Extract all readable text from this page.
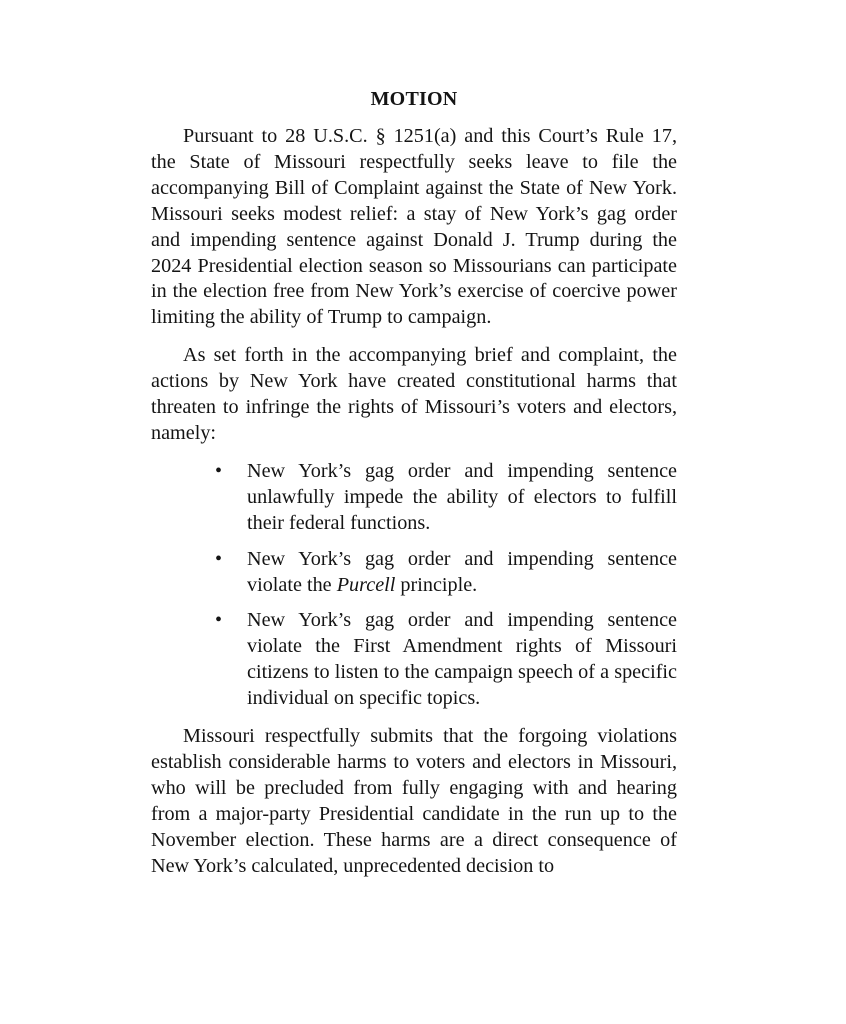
MOTION

Pursuant to 28 U.S.C. § 1251(a) and this Court’s Rule 17, the State of Missouri respectfully seeks leave to file the accompanying Bill of Complaint against the State of New York. Missouri seeks modest relief: a stay of New York’s gag order and impending sentence against Donald J. Trump during the 2024 Presidential election season so Missourians can participate in the election free from New York’s exercise of coercive power limiting the ability of Trump to campaign.

As set forth in the accompanying brief and complaint, the actions by New York have created constitutional harms that threaten to infringe the rights of Missouri’s voters and electors, namely:

• New York’s gag order and impending sentence unlawfully impede the ability of electors to fulfill their federal functions.
• New York’s gag order and impending sentence violate the Purcell principle.
• New York’s gag order and impending sentence violate the First Amendment rights of Missouri citizens to listen to the campaign speech of a specific individual on specific topics.

Missouri respectfully submits that the forgoing violations establish considerable harms to voters and electors in Missouri, who will be precluded from fully engaging with and hearing from a major-party Presidential candidate in the run up to the November election. These harms are a direct consequence of New York’s calculated, unprecedented decision to
